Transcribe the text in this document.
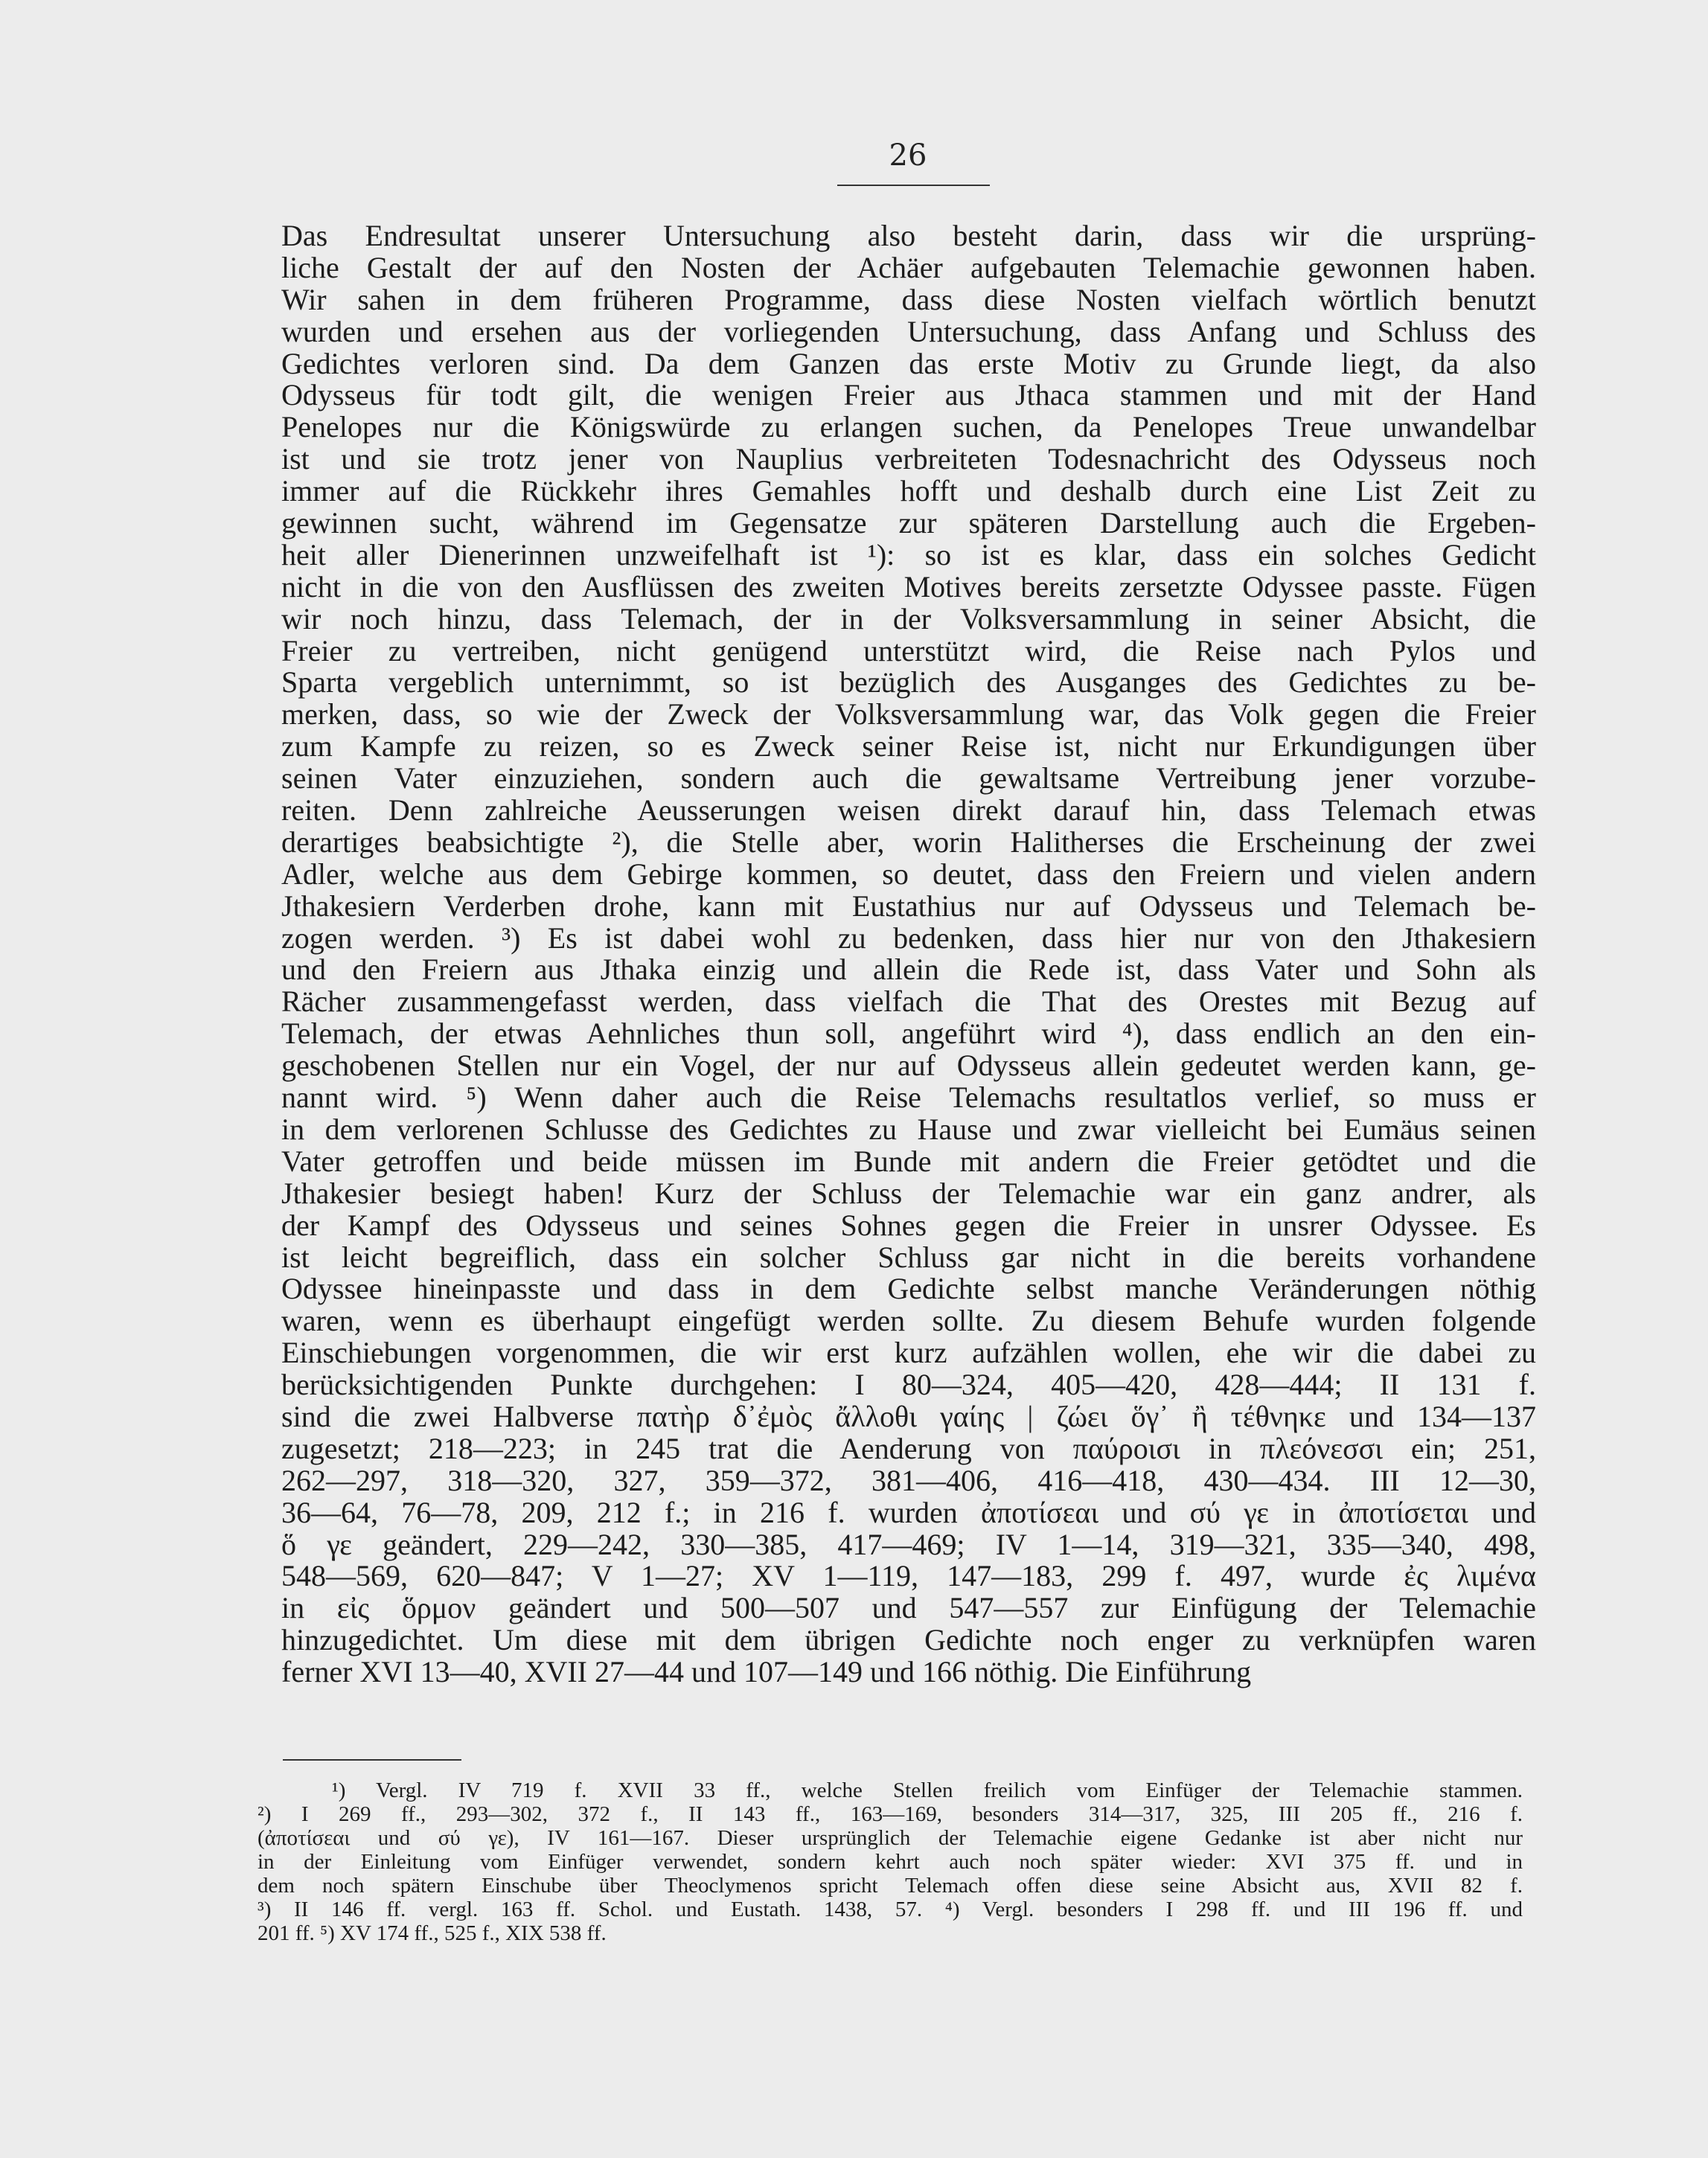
26
Das Endresultat unserer Untersuchung also besteht darin, dass wir die ursprüng-
liche Gestalt der auf den Nosten der Achäer aufgebauten Telemachie gewonnen haben.
Wir sahen in dem früheren Programme, dass diese Nosten vielfach wörtlich benutzt
wurden und ersehen aus der vorliegenden Untersuchung, dass Anfang und Schluss des
Gedichtes verloren sind. Da dem Ganzen das erste Motiv zu Grunde liegt, da also
Odysseus für todt gilt, die wenigen Freier aus Jthaca stammen und mit der Hand
Penelopes nur die Königswürde zu erlangen suchen, da Penelopes Treue unwandelbar
ist und sie trotz jener von Nauplius verbreiteten Todesnachricht des Odysseus noch
immer auf die Rückkehr ihres Gemahles hofft und deshalb durch eine List Zeit zu
gewinnen sucht, während im Gegensatze zur späteren Darstellung auch die Ergeben-
heit aller Dienerinnen unzweifelhaft ist ¹): so ist es klar, dass ein solches Gedicht
nicht in die von den Ausflüssen des zweiten Motives bereits zersetzte Odyssee passte. Fügen
wir noch hinzu, dass Telemach, der in der Volksversammlung in seiner Absicht, die
Freier zu vertreiben, nicht genügend unterstützt wird, die Reise nach Pylos und
Sparta vergeblich unternimmt, so ist bezüglich des Ausganges des Gedichtes zu be-
merken, dass, so wie der Zweck der Volksversammlung war, das Volk gegen die Freier
zum Kampfe zu reizen, so es Zweck seiner Reise ist, nicht nur Erkundigungen über
seinen Vater einzuziehen, sondern auch die gewaltsame Vertreibung jener vorzube-
reiten. Denn zahlreiche Aeusserungen weisen direkt darauf hin, dass Telemach etwas
derartiges beabsichtigte ²), die Stelle aber, worin Halitherses die Erscheinung der zwei
Adler, welche aus dem Gebirge kommen, so deutet, dass den Freiern und vielen andern
Jthakesiern Verderben drohe, kann mit Eustathius nur auf Odysseus und Telemach be-
zogen werden. ³) Es ist dabei wohl zu bedenken, dass hier nur von den Jthakesiern
und den Freiern aus Jthaka einzig und allein die Rede ist, dass Vater und Sohn als
Rächer zusammengefasst werden, dass vielfach die That des Orestes mit Bezug auf
Telemach, der etwas Aehnliches thun soll, angeführt wird ⁴), dass endlich an den ein-
geschobenen Stellen nur ein Vogel, der nur auf Odysseus allein gedeutet werden kann, ge-
nannt wird. ⁵) Wenn daher auch die Reise Telemachs resultatlos verlief, so muss er
in dem verlorenen Schlusse des Gedichtes zu Hause und zwar vielleicht bei Eumäus seinen
Vater getroffen und beide müssen im Bunde mit andern die Freier getödtet und die
Jthakesier besiegt haben! Kurz der Schluss der Telemachie war ein ganz andrer, als
der Kampf des Odysseus und seines Sohnes gegen die Freier in unsrer Odyssee. Es
ist leicht begreiflich, dass ein solcher Schluss gar nicht in die bereits vorhandene
Odyssee hineinpasste und dass in dem Gedichte selbst manche Veränderungen nöthig
waren, wenn es überhaupt eingefügt werden sollte. Zu diesem Behufe wurden folgende
Einschiebungen vorgenommen, die wir erst kurz aufzählen wollen, ehe wir die dabei zu
berücksichtigenden Punkte durchgehen: I 80—324, 405—420, 428—444; II 131 f.
sind die zwei Halbverse πατὴρ δ᾽ἐμὸς ἄλλοθι γαίης | ζώει ὅγ᾽ ἢ τέθνηκε und 134—137
zugesetzt; 218—223; in 245 trat die Aenderung von παύροισι in πλεόνεσσι ein; 251,
262—297, 318—320, 327, 359—372, 381—406, 416—418, 430—434. III 12—30,
36—64, 76—78, 209, 212 f.; in 216 f. wurden ἀποτίσεαι und σύ γε in ἀποτίσεται und
ὅ γε geändert, 229—242, 330—385, 417—469; IV 1—14, 319—321, 335—340, 498,
548—569, 620—847; V 1—27; XV 1—119, 147—183, 299 f. 497, wurde ἐς λιμένα
in εἰς ὅρμον geändert und 500—507 und 547—557 zur Einfügung der Telemachie
hinzugedichtet. Um diese mit dem übrigen Gedichte noch enger zu verknüpfen waren
ferner XVI 13—40, XVII 27—44 und 107—149 und 166 nöthig. Die Einführung
¹) Vergl. IV 719 f. XVII 33 ff., welche Stellen freilich vom Einfüger der Telemachie stammen.
²) I 269 ff., 293—302, 372 f., II 143 ff., 163—169, besonders 314—317, 325, III 205 ff., 216 f.
(ἀποτίσεαι und σύ γε), IV 161—167. Dieser ursprünglich der Telemachie eigene Gedanke ist aber nicht nur
in der Einleitung vom Einfüger verwendet, sondern kehrt auch noch später wieder: XVI 375 ff. und in
dem noch spätern Einschube über Theoclymenos spricht Telemach offen diese seine Absicht aus, XVII 82 f.
³) II 146 ff. vergl. 163 ff. Schol. und Eustath. 1438, 57. ⁴) Vergl. besonders I 298 ff. und III 196 ff. und
201 ff. ⁵) XV 174 ff., 525 f., XIX 538 ff.
